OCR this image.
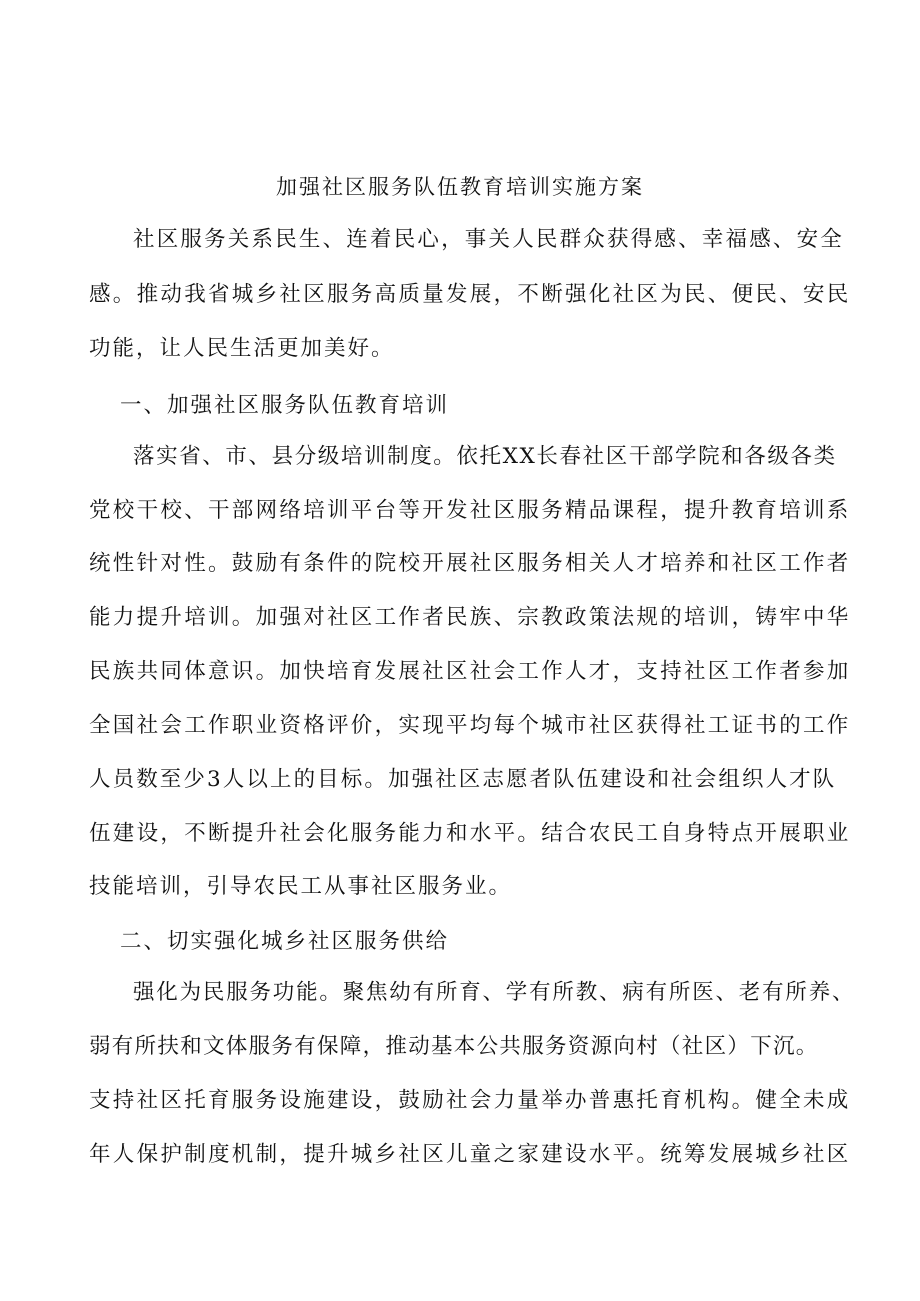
加强社区服务队伍教育培训实施方案

社区服务关系民生、连着民心，事关人民群众获得感、幸福感、安全

感。推动我省城乡社区服务高质量发展，不断强化社区为民、便民、安民

功能，让人民生活更加美好。

一、加强社区服务队伍教育培训

落实省、市、县分级培训制度。依托XX长春社区干部学院和各级各类

党校干校、干部网络培训平台等开发社区服务精品课程，提升教育培训系

统性针对性。鼓励有条件的院校开展社区服务相关人才培养和社区工作者

能力提升培训。加强对社区工作者民族、宗教政策法规的培训，铸牢中华

民族共同体意识。加快培育发展社区社会工作人才，支持社区工作者参加

全国社会工作职业资格评价，实现平均每个城市社区获得社工证书的工作

人员数至少3人以上的目标。加强社区志愿者队伍建设和社会组织人才队

伍建设，不断提升社会化服务能力和水平。结合农民工自身特点开展职业

技能培训，引导农民工从事社区服务业。

二、切实强化城乡社区服务供给

强化为民服务功能。聚焦幼有所育、学有所教、病有所医、老有所养、

弱有所扶和文体服务有保障，推动基本公共服务资源向村（社区）下沉。

支持社区托育服务设施建设，鼓励社会力量举办普惠托育机构。健全未成

年人保护制度机制，提升城乡社区儿童之家建设水平。统筹发展城乡社区
